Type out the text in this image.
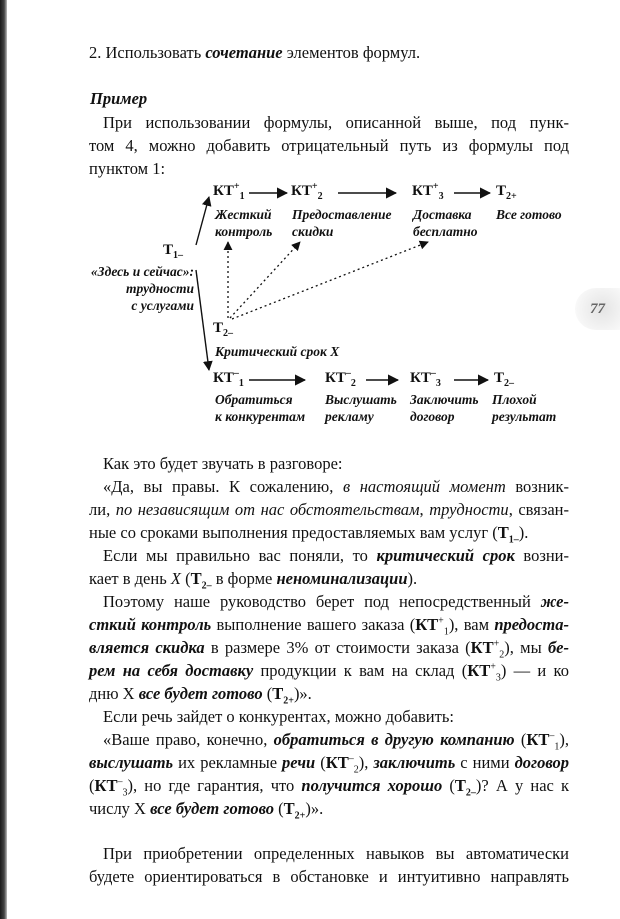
2. Использовать сочетание элементов формул.
Пример
При использовании формулы, описанной выше, под пунк-
том 4, можно добавить отрицательный путь из формулы под
пунктом 1:
$Т_{1-}$
«Здесь и сейчас»:
трудности
с услугами
$Т_{2-}$
Критический срок Х
$КТ^+_1$
Жесткий
контроль
$КТ^+_2$
Предоставление
скидки
$КТ^+_3$
Доставка
бесплатно
$Т_{2+}$
Все готово
$КТ^-_1$
Обратиться
к конкурентам
$КТ^-_2$
Выслушать
рекламу
$КТ^-_3$
Заключить
договор
$Т_{2-}$
Плохой
результат
77
Как это будет звучать в разговоре:
«Да, вы правы. К сожалению, в настоящий момент возник-
ли, по независящим от нас обстоятельствам, трудности, связан-
ные со сроками выполнения предоставляемых вам услуг $(Т_{1-})$.
Если мы правильно вас поняли, то критический срок возни-
кает в день Х ($Т_{2-}$ в форме неноминализации).
Поэтому наше руководство берет под непосредственный же-
сткий контроль выполнение вашего заказа $(КТ^+_1)$, вам предоста-
вляется скидка в размере 3% от стоимости заказа $(КТ^+_2)$, мы бе-
рем на себя доставку продукции к вам на склад $(КТ^+_3)$ — и ко
дню Х все будет готово $(Т_{2+})$».
Если речь зайдет о конкурентах, можно добавить:
«Ваше право, конечно, обратиться в другую компанию $(КТ^-_1)$,
выслушать их рекламные речи $(КТ^-_2)$, заключить с ними договор
$(КТ^-_3)$, но где гарантия, что получится хорошо $(Т_{2-})$? А у нас к
числу Х все будет готово $(Т_{2+})$».
При приобретении определенных навыков вы автоматически
будете ориентироваться в обстановке и интуитивно направлять
